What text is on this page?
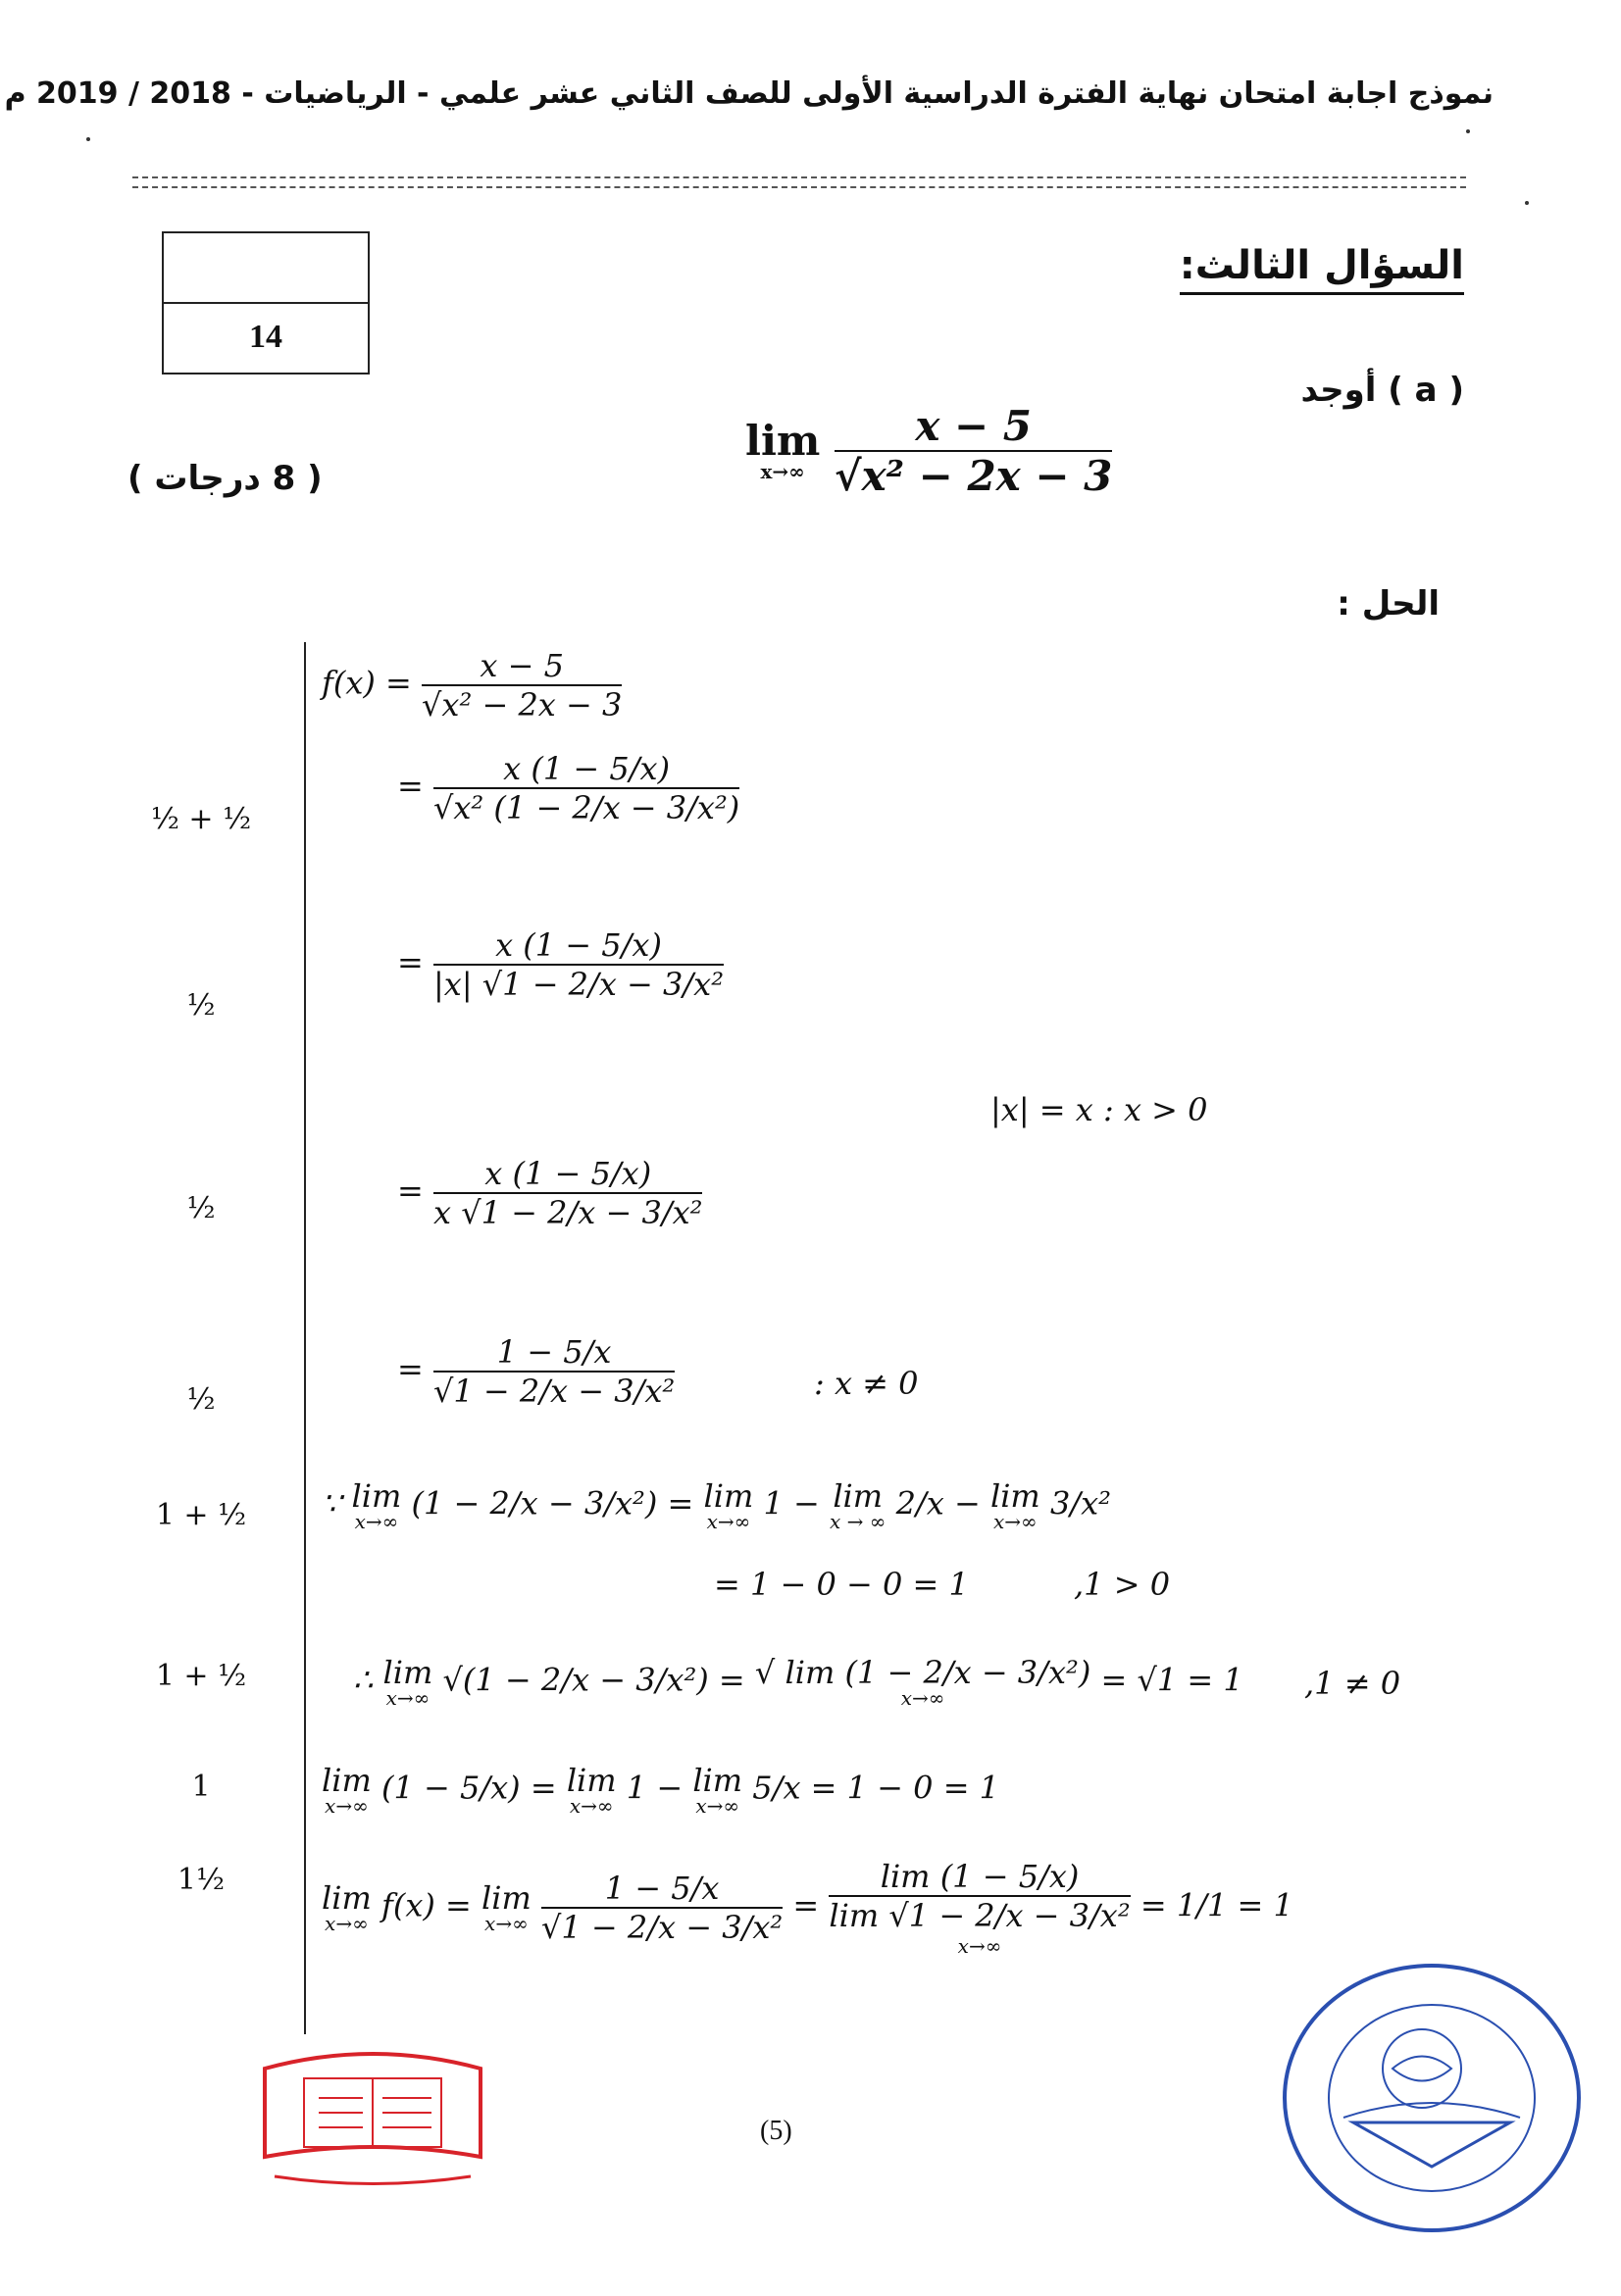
نموذج اجابة امتحان نهاية الفترة الدراسية الأولى للصف الثاني عشر علمي - الرياضيات - 2018 / 2019 م
14
السؤال الثالث:
( a ) أوجد
( 8 درجات )
lim
x→∞
$\frac{x - 5}{\text{√x² − 2x − 3}}$
الحل :
$f(x) = \frac{x - 5}{\text{√x² − 2x − 3}}$
= $\frac{x (1 - 5/x)}{\text{√x² (1 − 2/x − 3/x²)}}$
= $\frac{x (1 - 5/x)}{\text{|x| √1 − 2/x − 3/x²}}$
|x| = x : x > 0
= $\frac{x (1 - 5/x)}{\text{x √1 − 2/x − 3/x²}}$
= $\frac{1 - 5/x}{\text{√1 − 2/x − 3/x²}}$	: x ≠ 0
∵ lim
x→∞ (1 − 2/x − 3/x²) = lim
x→∞ 1 − lim
x → ∞ 2/x − lim
x→∞ 3/x²
= 1 − 0 − 0 = 1	,1 > 0
∴ lim
x→∞ √(1 − 2/x − 3/x²) = √ lim (1 − 2/x − 3/x²)
x→∞	= √1 = 1 ,1 ≠ 0
lim
x→∞ (1 − 5/x) = lim
x→∞ 1 − lim
x→∞ 5/x = 1 − 0 = 1
lim
x→∞ f(x) = lim
x→∞
$\frac{1 - 5/x}{\text{√1 − 2/x − 3/x²}}$ =
lim (1 − 5/x)
lim √1 − 2/x − 3/x²
x→∞
= 1/1 = 1
½ + ½
½
½
½
1 + ½
1 + ½
1
1½
(5)
